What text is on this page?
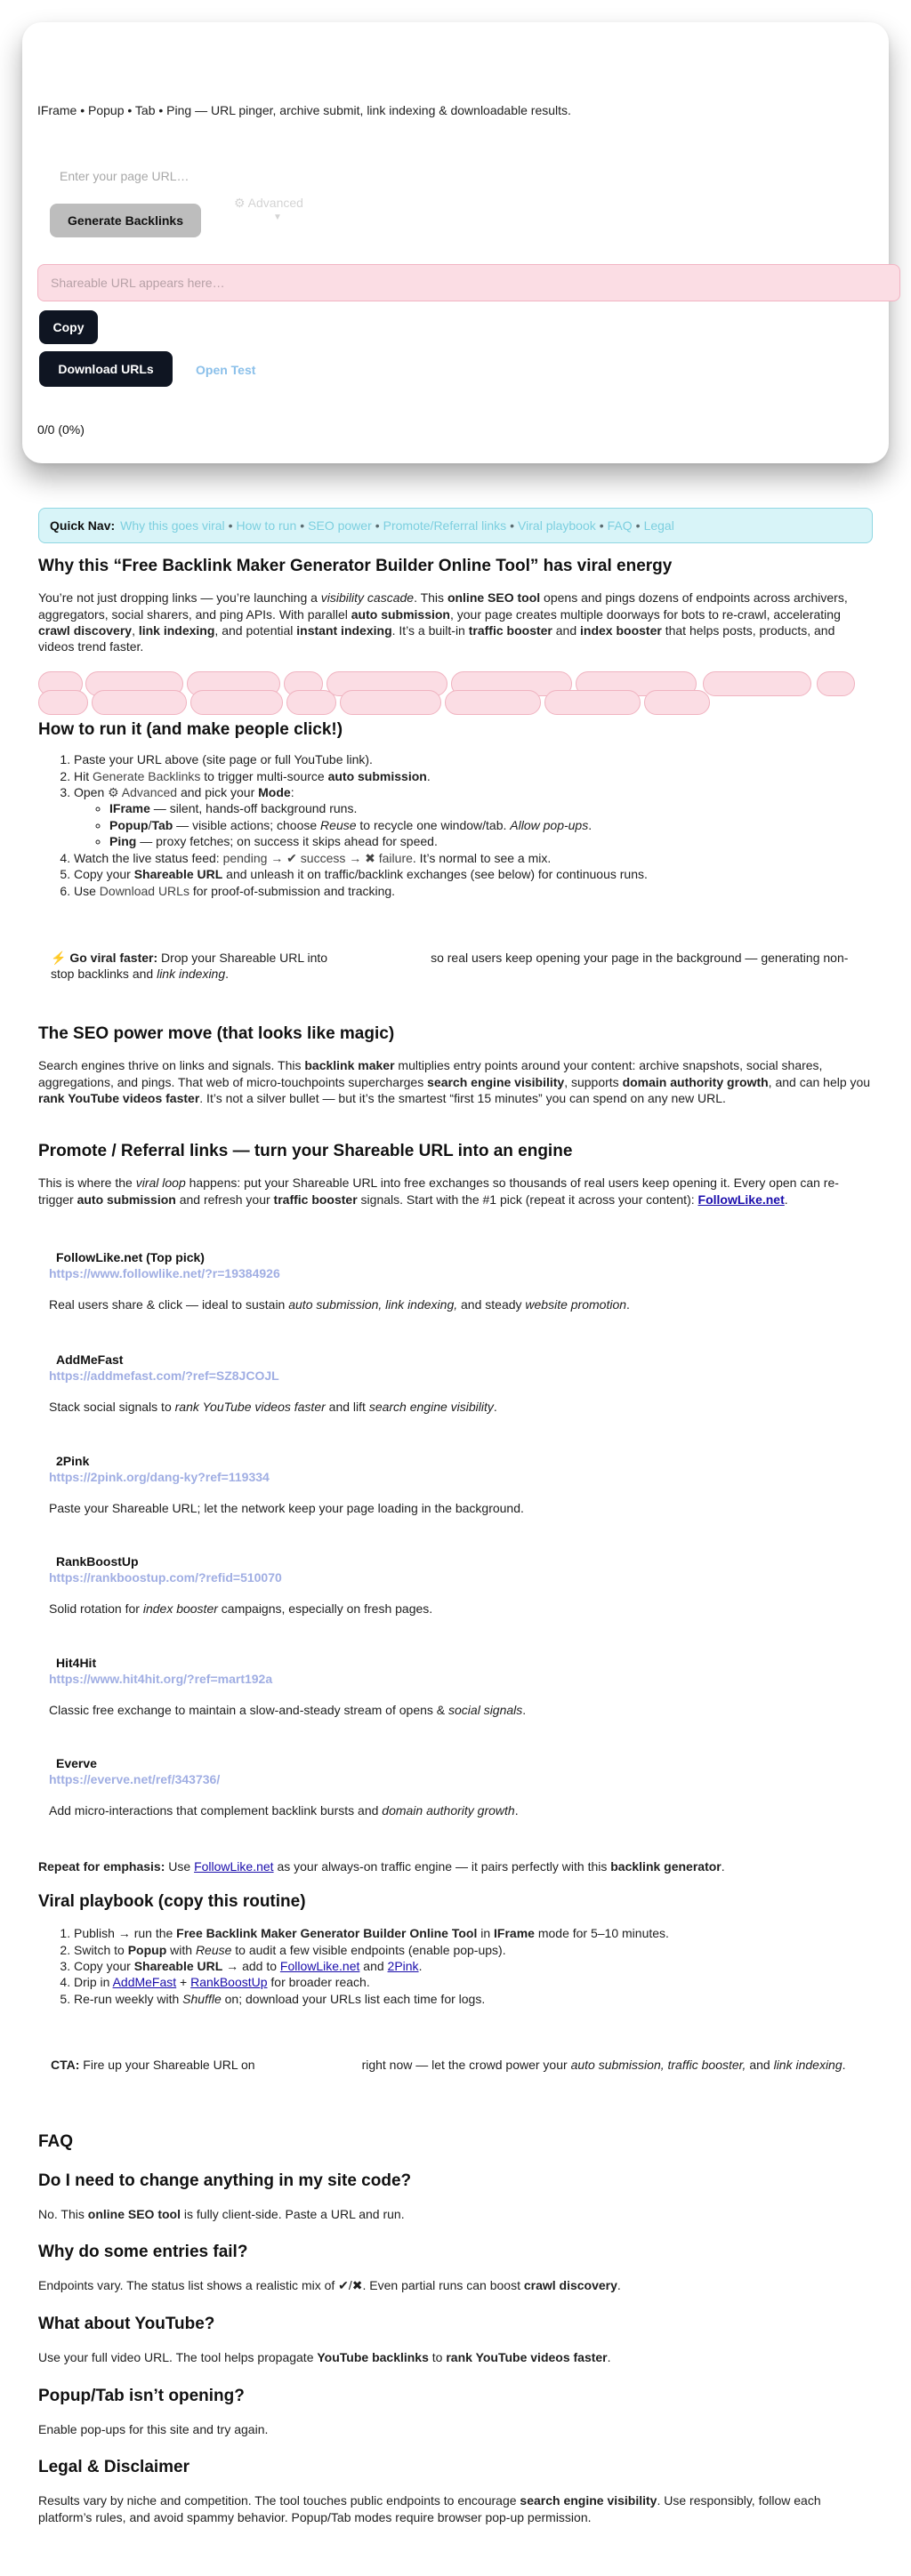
IFrame • Popup • Tab • Ping — URL pinger, archive submit, link indexing & downloadable results.
Enter your page URL…
Generate Backlinks
⚙ Advanced
▼
Shareable URL appears here…
Copy
Download URLs	Open Test
0/0 (0%)
Quick Nav: Why this goes viral • How to run • SEO power • Promote/Referral links • Viral playbook • FAQ • Legal
Why this “Free Backlink Maker Generator Builder Online Tool” has viral energy

You’re not just dropping links — you’re launching a visibility cascade. This online SEO tool opens and pings dozens of endpoints across archivers, aggregators, social sharers, and ping APIs. With parallel auto submission, your page creates multiple doorways for bots to re-crawl, accelerating crawl discovery, link indexing, and potential instant indexing. It’s a built-in traffic booster and index booster that helps posts, products, and videos trend faster.

How to run it (and make people click!)
1. Paste your URL above (site page or full YouTube link).
2. Hit Generate Backlinks to trigger multi-source auto submission.
3. Open ⚙ Advanced and pick your Mode:
◦ IFrame — silent, hands-off background runs.
◦ Popup/Tab — visible actions; choose Reuse to recycle one window/tab. Allow pop-ups.
◦ Ping — proxy fetches; on success it skips ahead for speed.
4. Watch the live status feed: pending → ✔ success → ✖ failure. It’s normal to see a mix.
5. Copy your Shareable URL and unleash it on traffic/backlink exchanges (see below) for continuous runs.
6. Use Download URLs for proof-of-submission and tracking.

⚡ Go viral faster: Drop your Shareable URL into	so real users keep opening your page in the background — generating non-stop backlinks and link indexing.

The SEO power move (that looks like magic)

Search engines thrive on links and signals. This backlink maker multiplies entry points around your content: archive snapshots, social shares, aggregations, and pings. That web of micro-touchpoints supercharges search engine visibility, supports domain authority growth, and can help you rank YouTube videos faster. It’s not a silver bullet — but it’s the smartest “first 15 minutes” you can spend on any new URL.

Promote / Referral links — turn your Shareable URL into an engine

This is where the viral loop happens: put your Shareable URL into free exchanges so thousands of real users keep opening it. Every open can re-trigger auto submission and refresh your traffic booster signals. Start with the #1 pick (repeat it across your content): FollowLike.net.

FollowLike.net (Top pick)
https://www.followlike.net/?r=19384926

Real users share & click — ideal to sustain auto submission, link indexing, and steady website promotion.

AddMeFast
https://addmefast.com/?ref=SZ8JCOJL

Stack social signals to rank YouTube videos faster and lift search engine visibility.

2Pink
https://2pink.org/dang-ky?ref=119334

Paste your Shareable URL; let the network keep your page loading in the background.

RankBoostUp
https://rankboostup.com/?refid=510070

Solid rotation for index booster campaigns, especially on fresh pages.

Hit4Hit
https://www.hit4hit.org/?ref=mart192a

Classic free exchange to maintain a slow-and-steady stream of opens & social signals.

Everve
https://everve.net/ref/343736/

Add micro-interactions that complement backlink bursts and domain authority growth.

Repeat for emphasis: Use FollowLike.net as your always-on traffic engine — it pairs perfectly with this backlink generator.

Viral playbook (copy this routine)
1. Publish → run the Free Backlink Maker Generator Builder Online Tool in IFrame mode for 5–10 minutes.
2. Switch to Popup with Reuse to audit a few visible endpoints (enable pop-ups).
3. Copy your Shareable URL → add to FollowLike.net and 2Pink.
4. Drip in AddMeFast + RankBoostUp for broader reach.
5. Re-run weekly with Shuffle on; download your URLs list each time for logs.

CTA: Fire up your Shareable URL on	right now — let the crowd power your auto submission, traffic booster, and link indexing.

FAQ
Do I need to change anything in my site code?

No. This online SEO tool is fully client-side. Paste a URL and run.

Why do some entries fail?

Endpoints vary. The status list shows a realistic mix of ✔/✖. Even partial runs can boost crawl discovery.

What about YouTube?

Use your full video URL. The tool helps propagate YouTube backlinks to rank YouTube videos faster.

Popup/Tab isn’t opening?

Enable pop-ups for this site and try again.

Legal & Disclaimer

Results vary by niche and competition. The tool touches public endpoints to encourage search engine visibility. Use responsibly, follow each platform’s rules, and avoid spammy behavior. Popup/Tab modes require browser pop-up permission.
